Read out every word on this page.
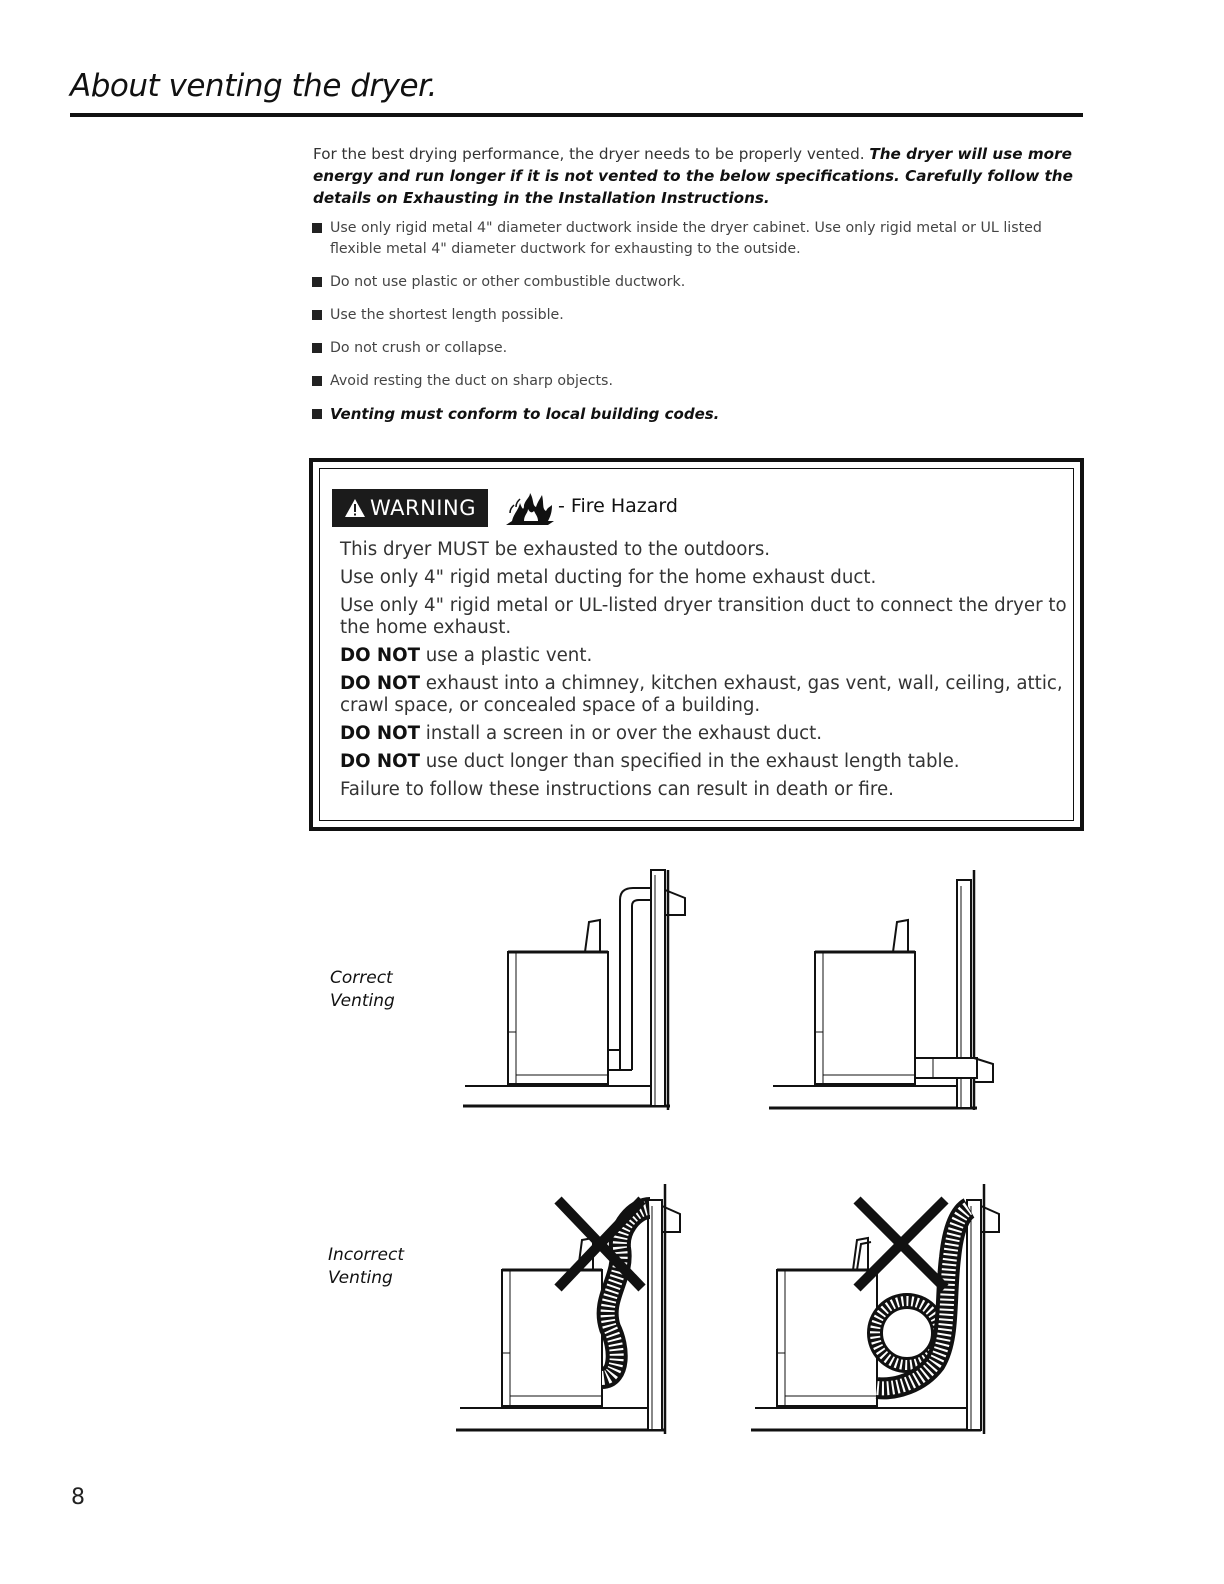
About venting the dryer.

For the best drying performance, the dryer needs to be properly vented. The dryer will use more energy and run longer if it is not vented to the below specifications. Carefully follow the details on Exhausting in the Installation Instructions.

Use only rigid metal 4" diameter ductwork inside the dryer cabinet. Use only rigid metal or UL listed flexible metal 4" diameter ductwork for exhausting to the outside.
Do not use plastic or other combustible ductwork.
Use the shortest length possible.
Do not crush or collapse.
Avoid resting the duct on sharp objects.
Venting must conform to local building codes.
WARNING	- Fire Hazard
This dryer MUST be exhausted to the outdoors.
Use only 4" rigid metal ducting for the home exhaust duct.
Use only 4" rigid metal or UL-listed dryer transition duct to connect the dryer to the home exhaust.
DO NOT use a plastic vent.
DO NOT exhaust into a chimney, kitchen exhaust, gas vent, wall, ceiling, attic, crawl space, or concealed space of a building.
DO NOT install a screen in or over the exhaust duct.
DO NOT use duct longer than specified in the exhaust length table.
Failure to follow these instructions can result in death or fire.
Correct
Venting
Incorrect
Venting
8
